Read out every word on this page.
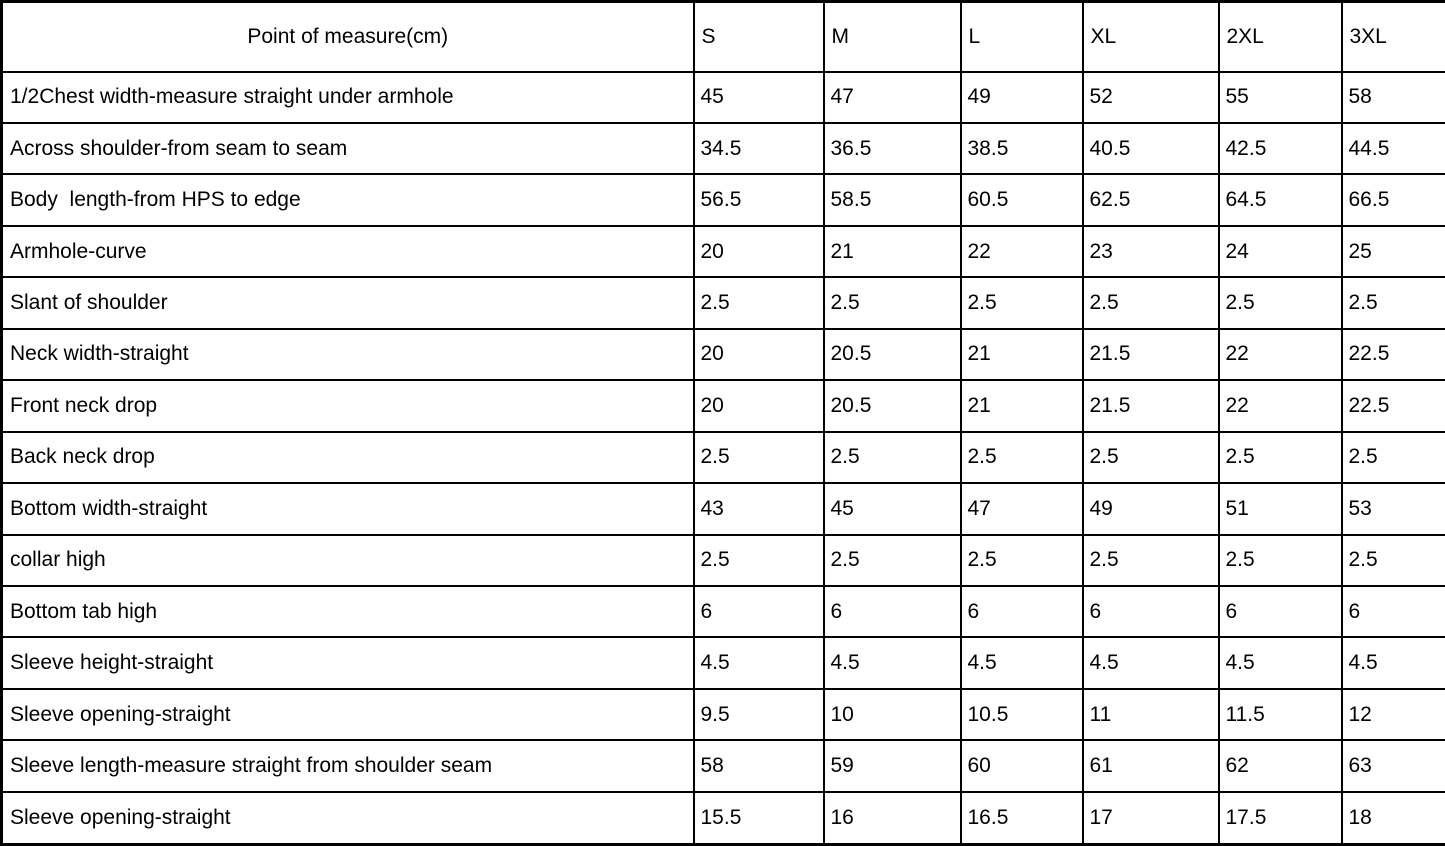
Point of measure(cm)	S	M	L	XL	2XL	3XL
1/2Chest width-measure straight under armhole	45	47	49	52	55	58
Across shoulder-from seam to seam	34.5	36.5	38.5	40.5	42.5	44.5
Body  length-from HPS to edge	56.5	58.5	60.5	62.5	64.5	66.5
Armhole-curve	20	21	22	23	24	25
Slant of shoulder	2.5	2.5	2.5	2.5	2.5	2.5
Neck width-straight	20	20.5	21	21.5	22	22.5
Front neck drop	20	20.5	21	21.5	22	22.5
Back neck drop	2.5	2.5	2.5	2.5	2.5	2.5
Bottom width-straight	43	45	47	49	51	53
collar high	2.5	2.5	2.5	2.5	2.5	2.5
Bottom tab high	6	6	6	6	6	6
Sleeve height-straight	4.5	4.5	4.5	4.5	4.5	4.5
Sleeve opening-straight	9.5	10	10.5	11	11.5	12
Sleeve length-measure straight from shoulder seam	58	59	60	61	62	63
Sleeve opening-straight	15.5	16	16.5	17	17.5	18
